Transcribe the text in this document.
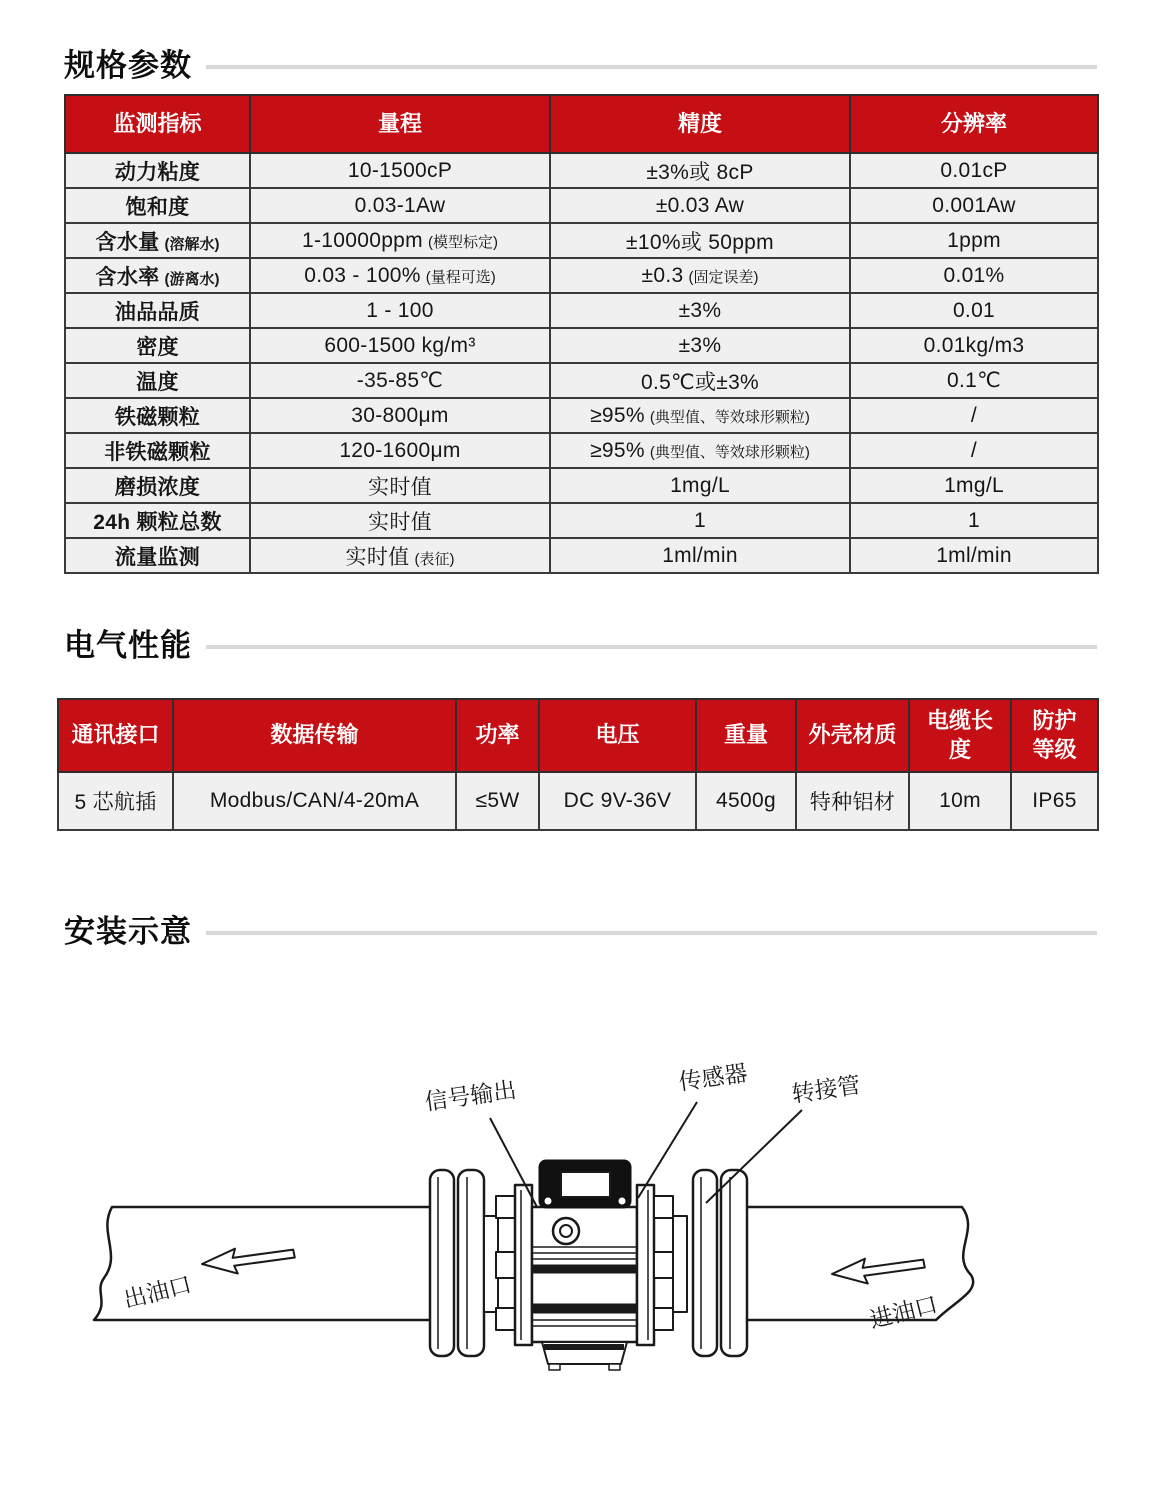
规格参数
监测指标	量程	精度	分辨率
动力粘度	10-1500cP	±3%或 8cP	0.01cP
饱和度	0.03-1Aw	±0.03 Aw	0.001Aw
含水量 (溶解水)	1-10000ppm (模型标定)	±10%或 50ppm	1ppm
含水率 (游离水)	0.03 - 100% (量程可选)	±0.3 (固定误差)	0.01%
油品品质	1 - 100	±3%	0.01
密度	600-1500 kg/m³	±3%	0.01kg/m3
温度	-35-85℃	0.5℃或±3%	0.1℃
铁磁颗粒	30-800μm	≥95% (典型值、等效球形颗粒)	/
非铁磁颗粒	120-1600μm	≥95% (典型值、等效球形颗粒)	/
磨损浓度	实时值	1mg/L	1mg/L
24h 颗粒总数	实时值	1	1
流量监测	实时值 (表征)	1ml/min	1ml/min
电气性能
通讯接口	数据传输	功率	电压	重量	外壳材质	电缆长度	防护等级
5 芯航插	Modbus/CAN/4-20mA	≤5W	DC 9V-36V	4500g	特种铝材	10m	IP65
安装示意
信号输出	传感器 转接管
出油口	进油口
